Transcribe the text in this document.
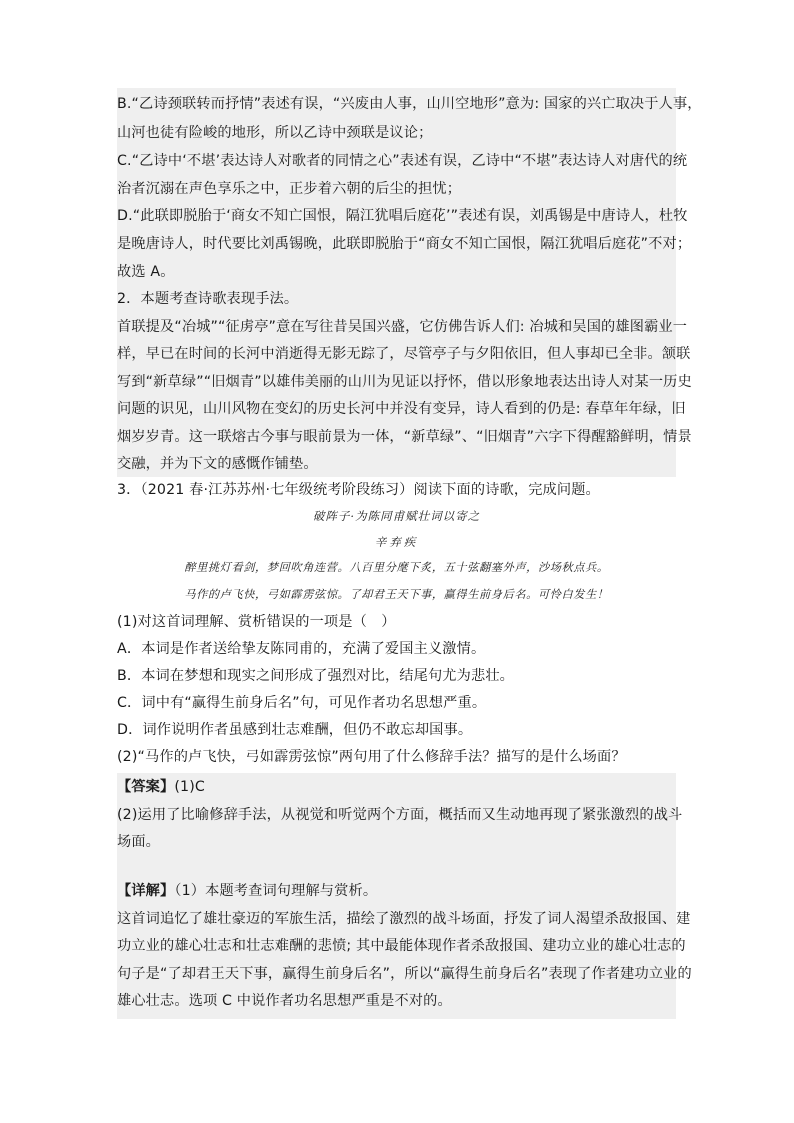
B.“乙诗颈联转而抒情”表述有误，“兴废由人事，山川空地形”意为: 国家的兴亡取决于人事，
山河也徒有险峻的地形，所以乙诗中颈联是议论；
C.“乙诗中‘不堪’表达诗人对歌者的同情之心”表述有误，乙诗中“不堪”表达诗人对唐代的统
治者沉溺在声色享乐之中，正步着六朝的后尘的担忧；
D.“此联即脱胎于‘商女不知亡国恨，隔江犹唱后庭花’”表述有误，刘禹锡是中唐诗人，杜牧
是晚唐诗人，时代要比刘禹锡晚，此联即脱胎于“商女不知亡国恨，隔江犹唱后庭花”不对；
故选 A。
2．本题考查诗歌表现手法。
首联提及“冶城”“征虏亭”意在写往昔吴国兴盛，它仿佛告诉人们: 冶城和吴国的雄图霸业一
样，早已在时间的长河中消逝得无影无踪了，尽管亭子与夕阳依旧，但人事却已全非。颔联
写到“新草绿”“旧烟青”以雄伟美丽的山川为见证以抒怀，借以形象地表达出诗人对某一历史
问题的识见，山川风物在变幻的历史长河中并没有变异，诗人看到的仍是: 春草年年绿，旧
烟岁岁青。这一联熔古今事与眼前景为一体，“新草绿”、“旧烟青”六字下得醒豁鲜明，情景
交融，并为下文的感慨作铺垫。
3．（2021 春·江苏苏州·七年级统考阶段练习）阅读下面的诗歌，完成问题。
破阵子·为陈同甫赋壮词以寄之
辛弃疾
醉里挑灯看剑，梦回吹角连营。八百里分麾下炙，五十弦翻塞外声，沙场秋点兵。
马作的卢飞快，弓如霹雳弦惊。了却君王天下事，赢得生前身后名。可怜白发生！
(1)对这首词理解、赏析错误的一项是（　）
A．本词是作者送给挚友陈同甫的，充满了爱国主义激情。
B．本词在梦想和现实之间形成了强烈对比，结尾句尤为悲壮。
C．词中有“赢得生前身后名”句，可见作者功名思想严重。
D．词作说明作者虽感到壮志难酬，但仍不敢忘却国事。
(2)“马作的卢飞快，弓如霹雳弦惊”两句用了什么修辞手法？描写的是什么场面？
【答案】(1)C
(2)运用了比喻修辞手法，从视觉和听觉两个方面，概括而又生动地再现了紧张激烈的战斗
场面。
【详解】（1）本题考查词句理解与赏析。
这首词追忆了雄壮豪迈的军旅生活，描绘了激烈的战斗场面，抒发了词人渴望杀敌报国、建
功立业的雄心壮志和壮志难酬的悲愤; 其中最能体现作者杀敌报国、建功立业的雄心壮志的
句子是“了却君王天下事，赢得生前身后名”，所以“赢得生前身后名”表现了作者建功立业的
雄心壮志。选项 C 中说作者功名思想严重是不对的。
